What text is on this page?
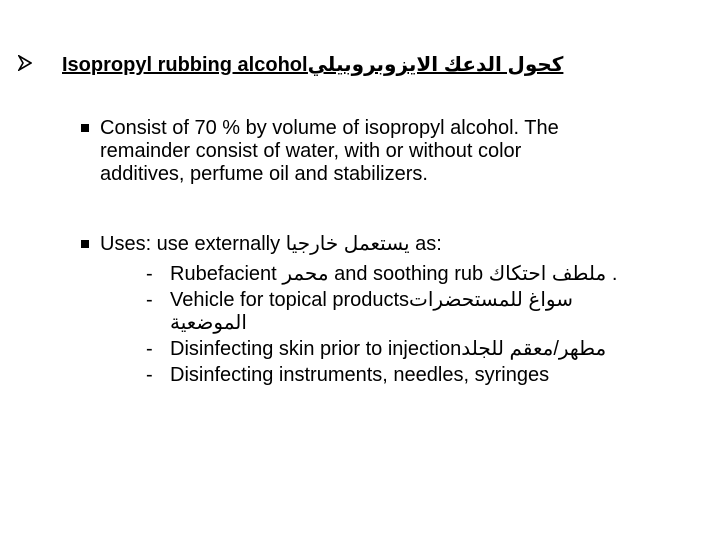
Isopropyl rubbing alcoholكحول الدعك الايزوبروبيلي
Consist of 70 % by volume of isopropyl alcohol. The
remainder consist of water, with or without color
additives, perfume oil and stabilizers.
Uses: use externally يستعمل خارجيا as:
- Rubefacient محمر and soothing rub ملطف احتكاك .
- Vehicle for topical productsسواغ للمستحضرات
الموضعية
- Disinfecting skin prior to injectionمطهر/معقم للجلد
- Disinfecting instruments, needles, syringes
